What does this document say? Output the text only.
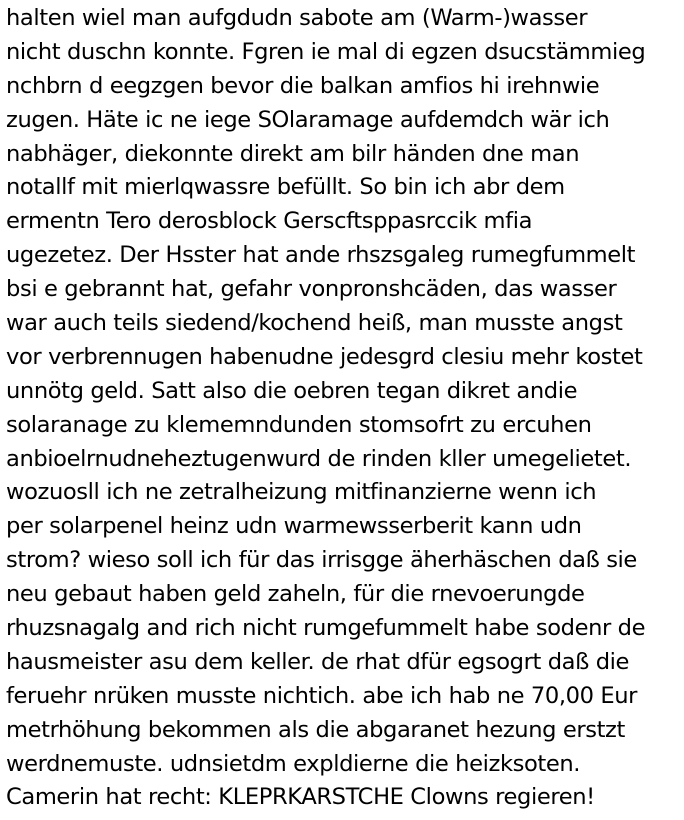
halten wiel man aufgdudn sabote am (Warm-)wasser
nicht duschn konnte. Fgren ie mal di egzen dsucstämmieg
nchbrn d eegzgen bevor die balkan amfios hi irehnwie
zugen. Häte ic ne iege SOlaramage aufdemdch wär ich
nabhäger, diekonnte direkt am bilr händen dne man
notallf mit mierlqwassre befüllt. So bin ich abr dem
ermentn Tero derosblock Gerscftsppasrccik mfia
ugezetez. Der Hsster hat ande rhszsgaleg rumegfummelt
bsi e gebrannt hat, gefahr vonpronshcäden, das wasser
war auch teils siedend/kochend heiß, man musste angst
vor verbrennugen habenudne jedesgrd clesiu mehr kostet
unnötg geld. Satt also die oebren tegan dikret andie
solaranage zu klememndunden stomsofrt zu ercuhen
anbioelrnudneheztugenwurd de rinden kller umegelietet.
wozuosll ich ne zetralheizung mitfinanzierne wenn ich
per solarpenel heinz udn warmewsserberit kann udn
strom? wieso soll ich für das irrisgge äherhäschen daß sie
neu gebaut haben geld zaheln, für die rnevoerungde
rhuzsnagalg and rich nicht rumgefummelt habe sodenr de
hausmeister asu dem keller. de rhat dfür egsogrt daß die
feruehr nrüken musste nichtich. abe ich hab ne 70,00 Eur
metrhöhung bekommen als die abgaranet hezung erstzt
werdnemuste. udnsietdm expldierne die heizksoten.
Camerin hat recht: KLEPRKARSTCHE Clowns regieren!
